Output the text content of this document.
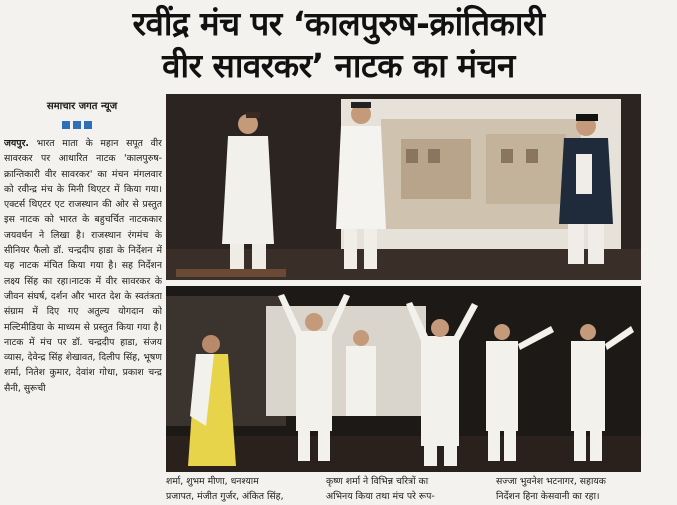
रवींद्र मंच पर ‘कालपुरुष-क्रांतिकारी
वीर सावरकर’ नाटक का मंचन
समाचार जगत न्यूज
जयपुर. भारत माता के महान सपूत वीर सावरकर पर आधारित नाटक 'कालपुरुष-क्रान्तिकारी वीर सावरकर' का मंचन मंगलवार को रवीन्द्र मंच के मिनी थिएटर में किया गया। एक्टर्स थिएटर एट राजस्थान की ओर से प्रस्तुत इस नाटक को भारत के बहुचर्चित नाटककार जयवर्धन ने लिखा है। राजस्थान रंगमंच के सीनियर फैलो डॉ. चन्द्रदीप हाडा के निर्देशन में यह नाटक मंचित किया गया है। सह निर्देशन लक्ष्य सिंह का रहा।नाटक में वीर सावरकर के जीवन संघर्ष, दर्शन और भारत देश के स्वतंत्रता संग्राम में दिए गए अतुल्य योगदान को मल्टिमीडिया के माध्यम से प्रस्तुत किया गया है। नाटक में मंच पर डॉ. चन्द्रदीप हाडा, संजय व्यास, देवेन्द्र सिंह शेखावत, दिलीप सिंह, भूषण शर्मा, नितेश कुमार, देवांश गोधा, प्रकाश चन्द्र सैनी, सुरूची
शर्मा, शुभम मीणा, धनश्याम
प्रजापत, मंजीत गुर्जर, अंकित सिंह,
कृष्ण शर्मा ने विभिन्न चरित्रों का
अभिनय किया तथा मंच परे रूप-
सज्जा भुवनेश भटनागर, सहायक
निर्देशन हिना केसवानी का रहा।
